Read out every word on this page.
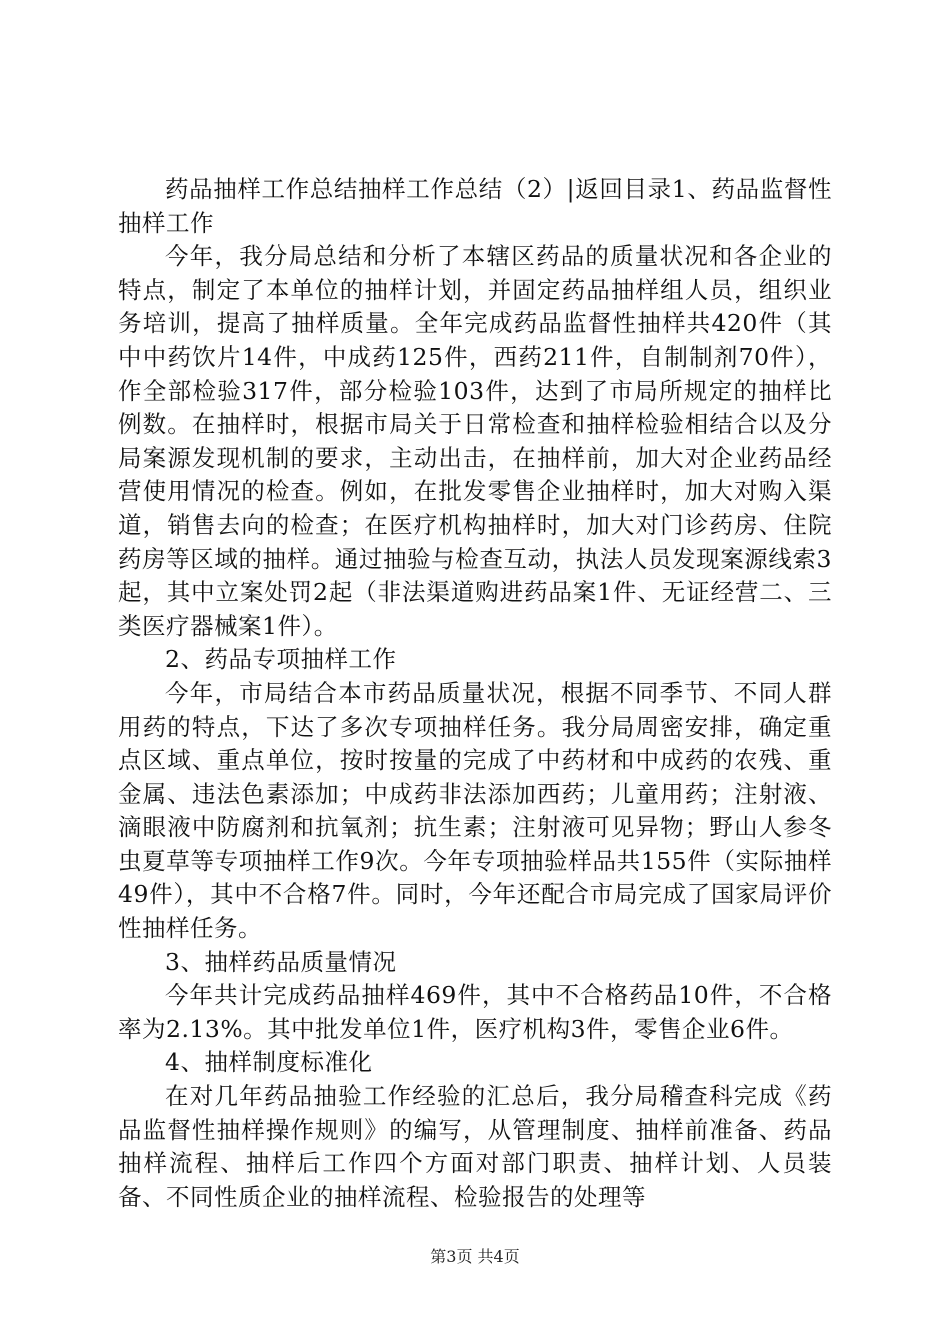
药品抽样工作总结抽样工作总结（2）|返回目录1、药品监督性抽样工作

今年，我分局总结和分析了本辖区药品的质量状况和各企业的特点，制定了本单位的抽样计划，并固定药品抽样组人员，组织业务培训，提高了抽样质量。全年完成药品监督性抽样共420件（其中中药饮片14件，中成药125件，西药211件，自制制剂70件），作全部检验317件，部分检验103件，达到了市局所规定的抽样比例数。在抽样时，根据市局关于日常检查和抽样检验相结合以及分局案源发现机制的要求，主动出击，在抽样前，加大对企业药品经营使用情况的检查。例如，在批发零售企业抽样时，加大对购入渠道，销售去向的检查；在医疗机构抽样时，加大对门诊药房、住院药房等区域的抽样。通过抽验与检查互动，执法人员发现案源线索3起，其中立案处罚2起（非法渠道购进药品案1件、无证经营二、三类医疗器械案1件）。

2、药品专项抽样工作

今年，市局结合本市药品质量状况，根据不同季节、不同人群用药的特点，下达了多次专项抽样任务。我分局周密安排，确定重点区域、重点单位，按时按量的完成了中药材和中成药的农残、重金属、违法色素添加；中成药非法添加西药；儿童用药；注射液、滴眼液中防腐剂和抗氧剂；抗生素；注射液可见异物；野山人参冬虫夏草等专项抽样工作9次。今年专项抽验样品共155件（实际抽样49件），其中不合格7件。同时，今年还配合市局完成了国家局评价性抽样任务。

3、抽样药品质量情况

今年共计完成药品抽样469件，其中不合格药品10件，不合格率为2.13%。其中批发单位1件，医疗机构3件，零售企业6件。

4、抽样制度标准化

在对几年药品抽验工作经验的汇总后，我分局稽查科完成《药品监督性抽样操作规则》的编写，从管理制度、抽样前准备、药品抽样流程、抽样后工作四个方面对部门职责、抽样计划、人员装备、不同性质企业的抽样流程、检验报告的处理等

第3页 共4页
